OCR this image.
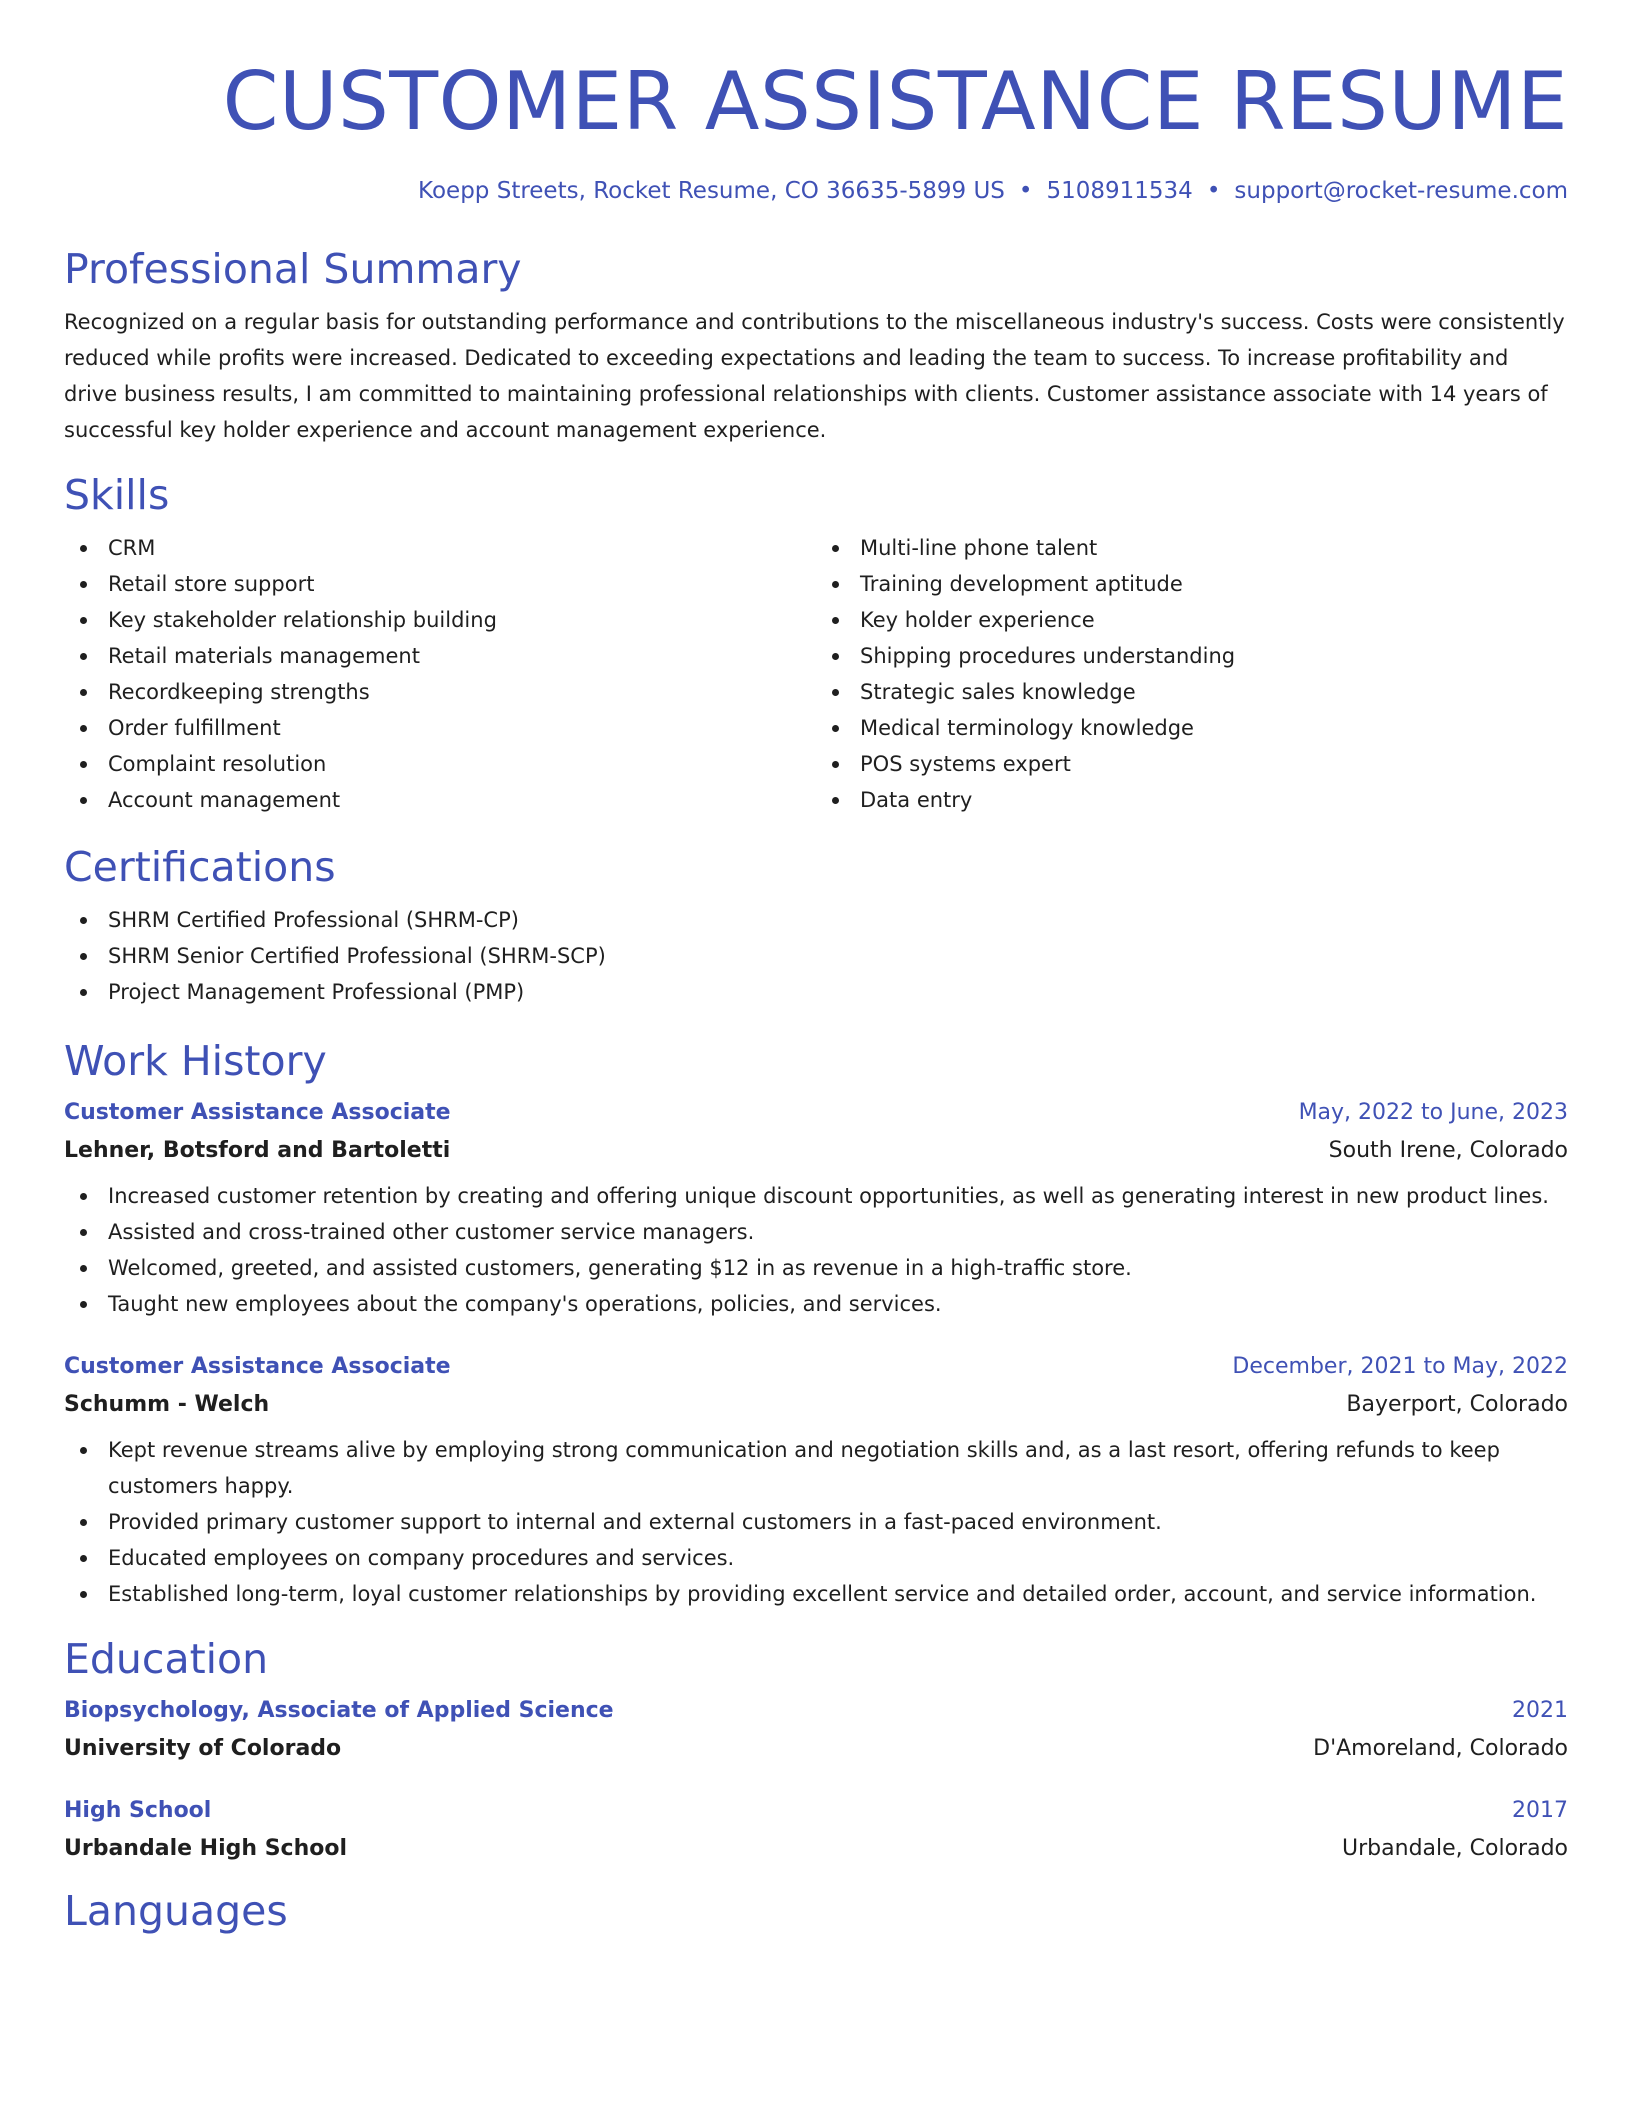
CUSTOMER ASSISTANCE RESUME
Koepp Streets, Rocket Resume, CO 36635-5899 US • 5108911534 • support@rocket-resume.com
Professional Summary

Recognized on a regular basis for outstanding performance and contributions to the miscellaneous industry's success. Costs were consistently reduced while profits were increased. Dedicated to exceeding expectations and leading the team to success. To increase profitability and drive business results, I am committed to maintaining professional relationships with clients. Customer assistance associate with 14 years of successful key holder experience and account management experience.

Skills
CRM
Retail store support
Key stakeholder relationship building
Retail materials management
Recordkeeping strengths
Order fulfillment
Complaint resolution
Account management
Multi-line phone talent
Training development aptitude
Key holder experience
Shipping procedures understanding
Strategic sales knowledge
Medical terminology knowledge
POS systems expert
Data entry
Certifications
SHRM Certified Professional (SHRM-CP)
SHRM Senior Certified Professional (SHRM-SCP)
Project Management Professional (PMP)
Work History
Customer Assistance Associate	May, 2022 to June, 2023
Lehner, Botsford and Bartoletti	South Irene, Colorado
Increased customer retention by creating and offering unique discount opportunities, as well as generating interest in new product lines.
Assisted and cross-trained other customer service managers.
Welcomed, greeted, and assisted customers, generating $12 in as revenue in a high-traffic store.
Taught new employees about the company's operations, policies, and services.
Customer Assistance Associate	December, 2021 to May, 2022
Schumm - Welch	Bayerport, Colorado
Kept revenue streams alive by employing strong communication and negotiation skills and, as a last resort, offering refunds to keep customers happy.
Provided primary customer support to internal and external customers in a fast-paced environment.
Educated employees on company procedures and services.
Established long-term, loyal customer relationships by providing excellent service and detailed order, account, and service information.
Education
Biopsychology, Associate of Applied Science	2021
University of Colorado	D'Amoreland, Colorado
High School	2017
Urbandale High School	Urbandale, Colorado
Languages
